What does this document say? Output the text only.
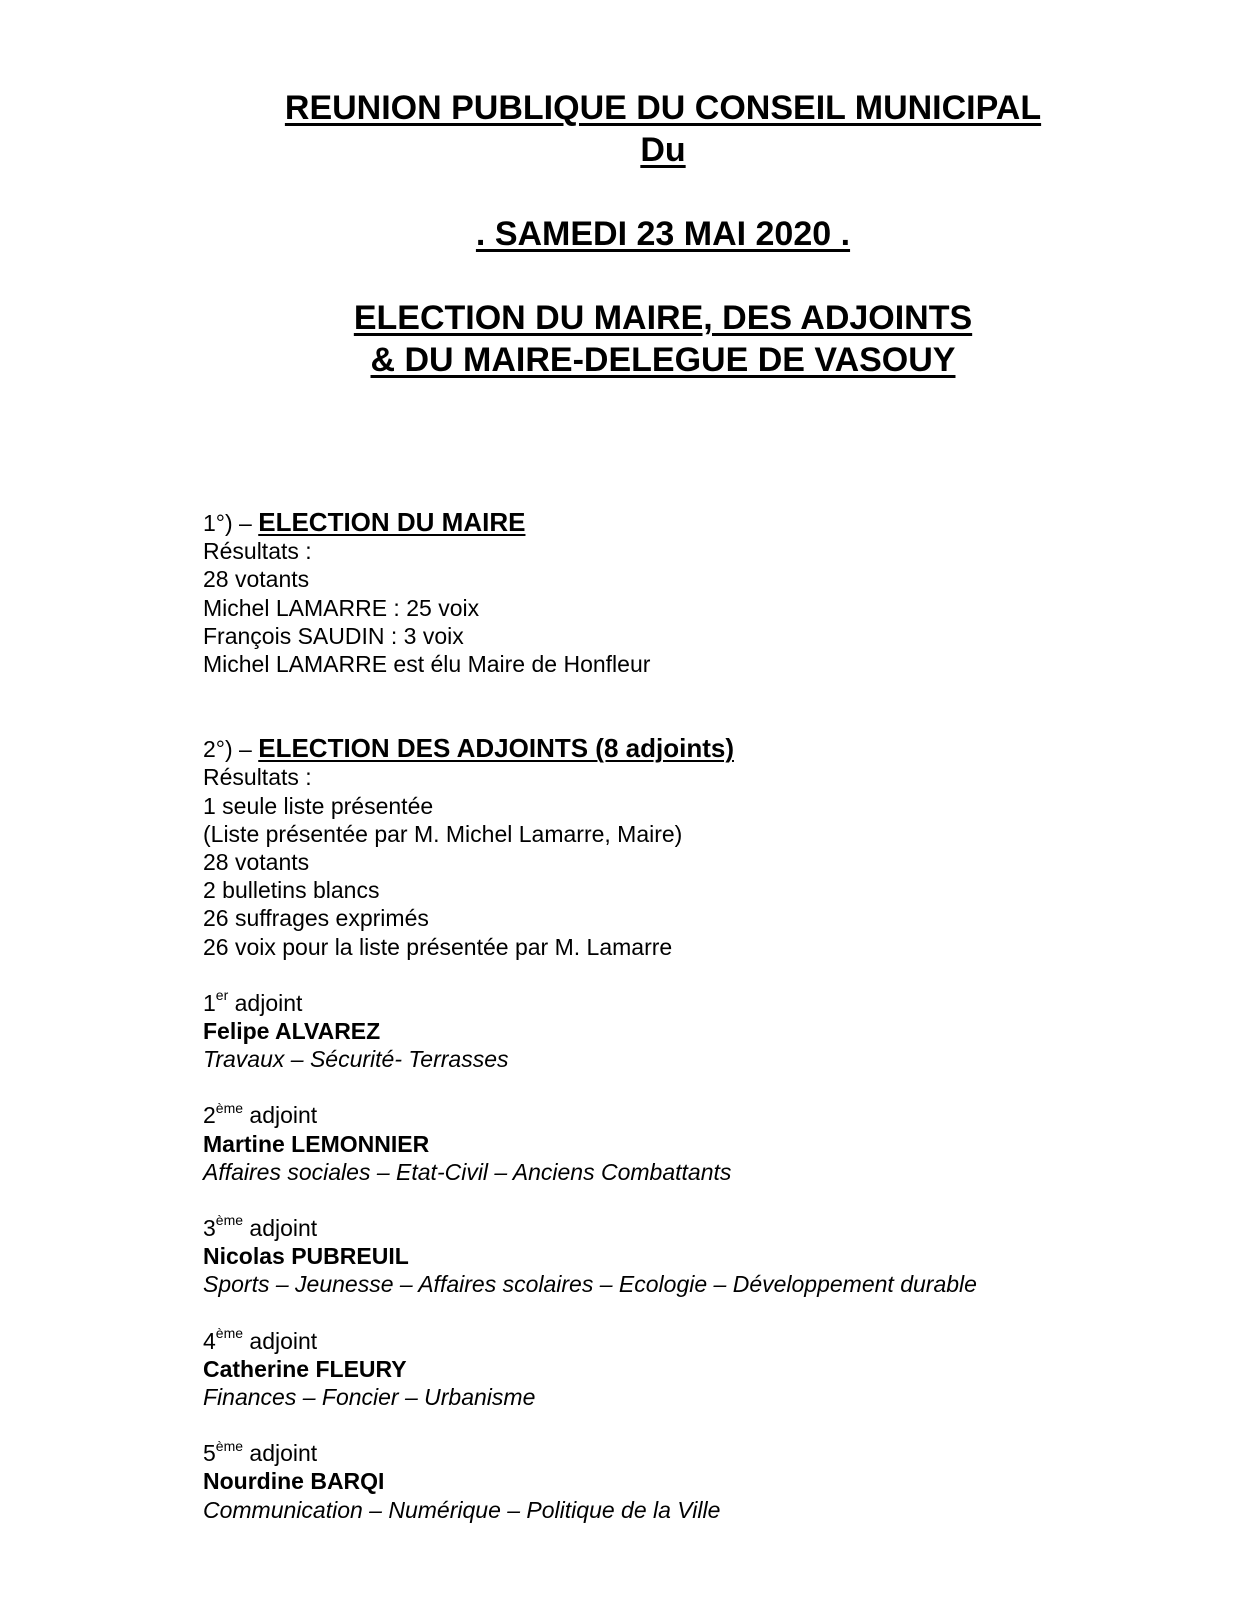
REUNION PUBLIQUE DU CONSEIL MUNICIPAL
Du
. SAMEDI 23 MAI 2020 .
ELECTION DU MAIRE, DES ADJOINTS
& DU MAIRE-DELEGUE DE VASOUY

1°) – ELECTION DU MAIRE

Résultats :

28 votants

Michel LAMARRE : 25 voix

François SAUDIN : 3 voix

Michel LAMARRE est élu Maire de Honfleur

2°) – ELECTION DES ADJOINTS (8 adjoints)

Résultats :

1 seule liste présentée

(Liste présentée par M. Michel Lamarre, Maire)

28 votants

2 bulletins blancs

26 suffrages exprimés

26 voix pour la liste présentée par M. Lamarre

1er adjoint

Felipe ALVAREZ

Travaux – Sécurité- Terrasses

2ème adjoint

Martine LEMONNIER

Affaires sociales – Etat-Civil – Anciens Combattants

3ème adjoint

Nicolas PUBREUIL

Sports – Jeunesse – Affaires scolaires – Ecologie – Développement durable

4ème adjoint

Catherine FLEURY

Finances – Foncier – Urbanisme

5ème adjoint

Nourdine BARQI

Communication – Numérique – Politique de la Ville
